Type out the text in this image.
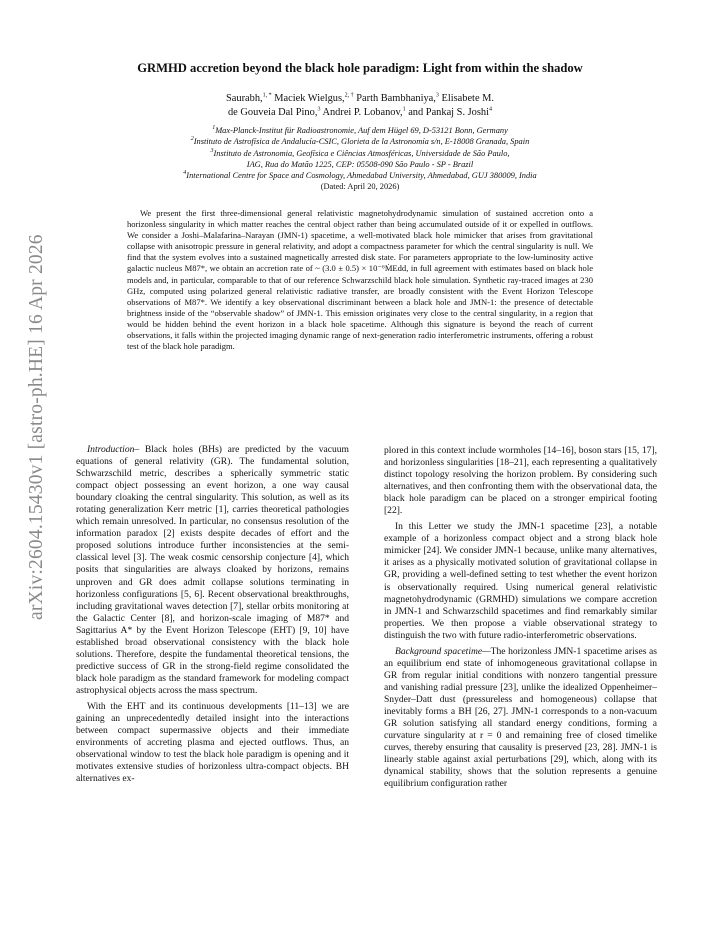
arXiv:2604.15430v1 [astro-ph.HE] 16 Apr 2026
GRMHD accretion beyond the black hole paradigm: Light from within the shadow
Saurabh,$^{1, *}$ Maciek Wielgus,$^{2, \dagger}$ Parth Bambhaniya,$^3$ Elisabete M.
de Gouveia Dal Pino,$^3$ Andrei P. Lobanov,$^1$ and Pankaj S. Joshi$^4$
$^1$Max-Planck-Institut für Radioastronomie, Auf dem Hügel 69, D-53121 Bonn, Germany
$^2$Instituto de Astrofísica de Andalucía-CSIC, Glorieta de la Astronomía s/n, E-18008 Granada, Spain
$^3$Instituto de Astronomia, Geofísica e Ciências Atmosféricas, Universidade de São Paulo,
IAG, Rua do Matão 1225, CEP: 05508-090 São Paulo - SP - Brazil
$^4$International Centre for Space and Cosmology, Ahmedabad University, Ahmedabad, GUJ 380009, India
(Dated: April 20, 2026)

We present the first three-dimensional general relativistic magnetohydrodynamic simulation of sustained accretion onto a horizonless singularity in which matter reaches the central object rather than being accumulated outside of it or expelled in outflows. We consider a Joshi–Malafarina–Narayan (JMN-1) spacetime, a well-motivated black hole mimicker that arises from gravitational collapse with anisotropic pressure in general relativity, and adopt a compactness parameter for which the central singularity is null. We find that the system evolves into a sustained magnetically arrested disk state. For parameters appropriate to the low-luminosity active galactic nucleus M87*, we obtain an accretion rate of ~ (3.0 ± 0.5) × 10⁻⁶ṀEdd, in full agreement with estimates based on black hole models and, in particular, comparable to that of our reference Schwarzschild black hole simulation. Synthetic ray-traced images at 230 GHz, computed using polarized general relativistic radiative transfer, are broadly consistent with the Event Horizon Telescope observations of M87*. We identify a key observational discriminant between a black hole and JMN-1: the presence of detectable brightness inside of the “observable shadow” of JMN-1. This emission originates very close to the central singularity, in a region that would be hidden behind the event horizon in a black hole spacetime. Although this signature is beyond the reach of current observations, it falls within the projected imaging dynamic range of next-generation radio interferometric instruments, offering a robust test of the black hole paradigm.

Introduction– Black holes (BHs) are predicted by the vacuum equations of general relativity (GR). The fundamental solution, Schwarzschild metric, describes a spherically symmetric static compact object possessing an event horizon, a one way causal boundary cloaking the central singularity. This solution, as well as its rotating generalization Kerr metric [1], carries theoretical pathologies which remain unresolved. In particular, no consensus resolution of the information paradox [2] exists despite decades of effort and the proposed solutions introduce further inconsistencies at the semi-classical level [3]. The weak cosmic censorship conjecture [4], which posits that singularities are always cloaked by horizons, remains unproven and GR does admit collapse solutions terminating in horizonless configurations [5, 6]. Recent observational breakthroughs, including gravitational waves detection [7], stellar orbits monitoring at the Galactic Center [8], and horizon-scale imaging of M87* and Sagittarius A* by the Event Horizon Telescope (EHT) [9, 10] have established broad observational consistency with the black hole solutions. Therefore, despite the fundamental theoretical tensions, the predictive success of GR in the strong-field regime consolidated the black hole paradigm as the standard framework for modeling compact astrophysical objects across the mass spectrum.

With the EHT and its continuous developments [11–13] we are gaining an unprecedentedly detailed insight into the interactions between compact supermassive objects and their immediate environments of accreting plasma and ejected outflows. Thus, an observational window to test the black hole paradigm is opening and it motivates extensive studies of horizonless ultra-compact objects. BH alternatives ex-

plored in this context include wormholes [14–16], boson stars [15, 17], and horizonless singularities [18–21], each representing a qualitatively distinct topology resolving the horizon problem. By considering such alternatives, and then confronting them with the observational data, the black hole paradigm can be placed on a stronger empirical footing [22].

In this Letter we study the JMN-1 spacetime [23], a notable example of a horizonless compact object and a strong black hole mimicker [24]. We consider JMN-1 because, unlike many alternatives, it arises as a physically motivated solution of gravitational collapse in GR, providing a well-defined setting to test whether the event horizon is observationally required. Using numerical general relativistic magnetohydrodynamic (GRMHD) simulations we compare accretion in JMN-1 and Schwarzschild spacetimes and find remarkably similar properties. We then propose a viable observational strategy to distinguish the two with future radio-interferometric observations.

Background spacetime—The horizonless JMN-1 spacetime arises as an equilibrium end state of inhomogeneous gravitational collapse in GR from regular initial conditions with nonzero tangential pressure and vanishing radial pressure [23], unlike the idealized Oppenheimer–Snyder–Datt dust (pressureless and homogeneous) collapse that inevitably forms a BH [26, 27]. JMN-1 corresponds to a non-vacuum GR solution satisfying all standard energy conditions, forming a curvature singularity at r = 0 and remaining free of closed timelike curves, thereby ensuring that causality is preserved [23, 28]. JMN-1 is linearly stable against axial perturbations [29], which, along with its dynamical stability, shows that the solution represents a genuine equilibrium configuration rather
